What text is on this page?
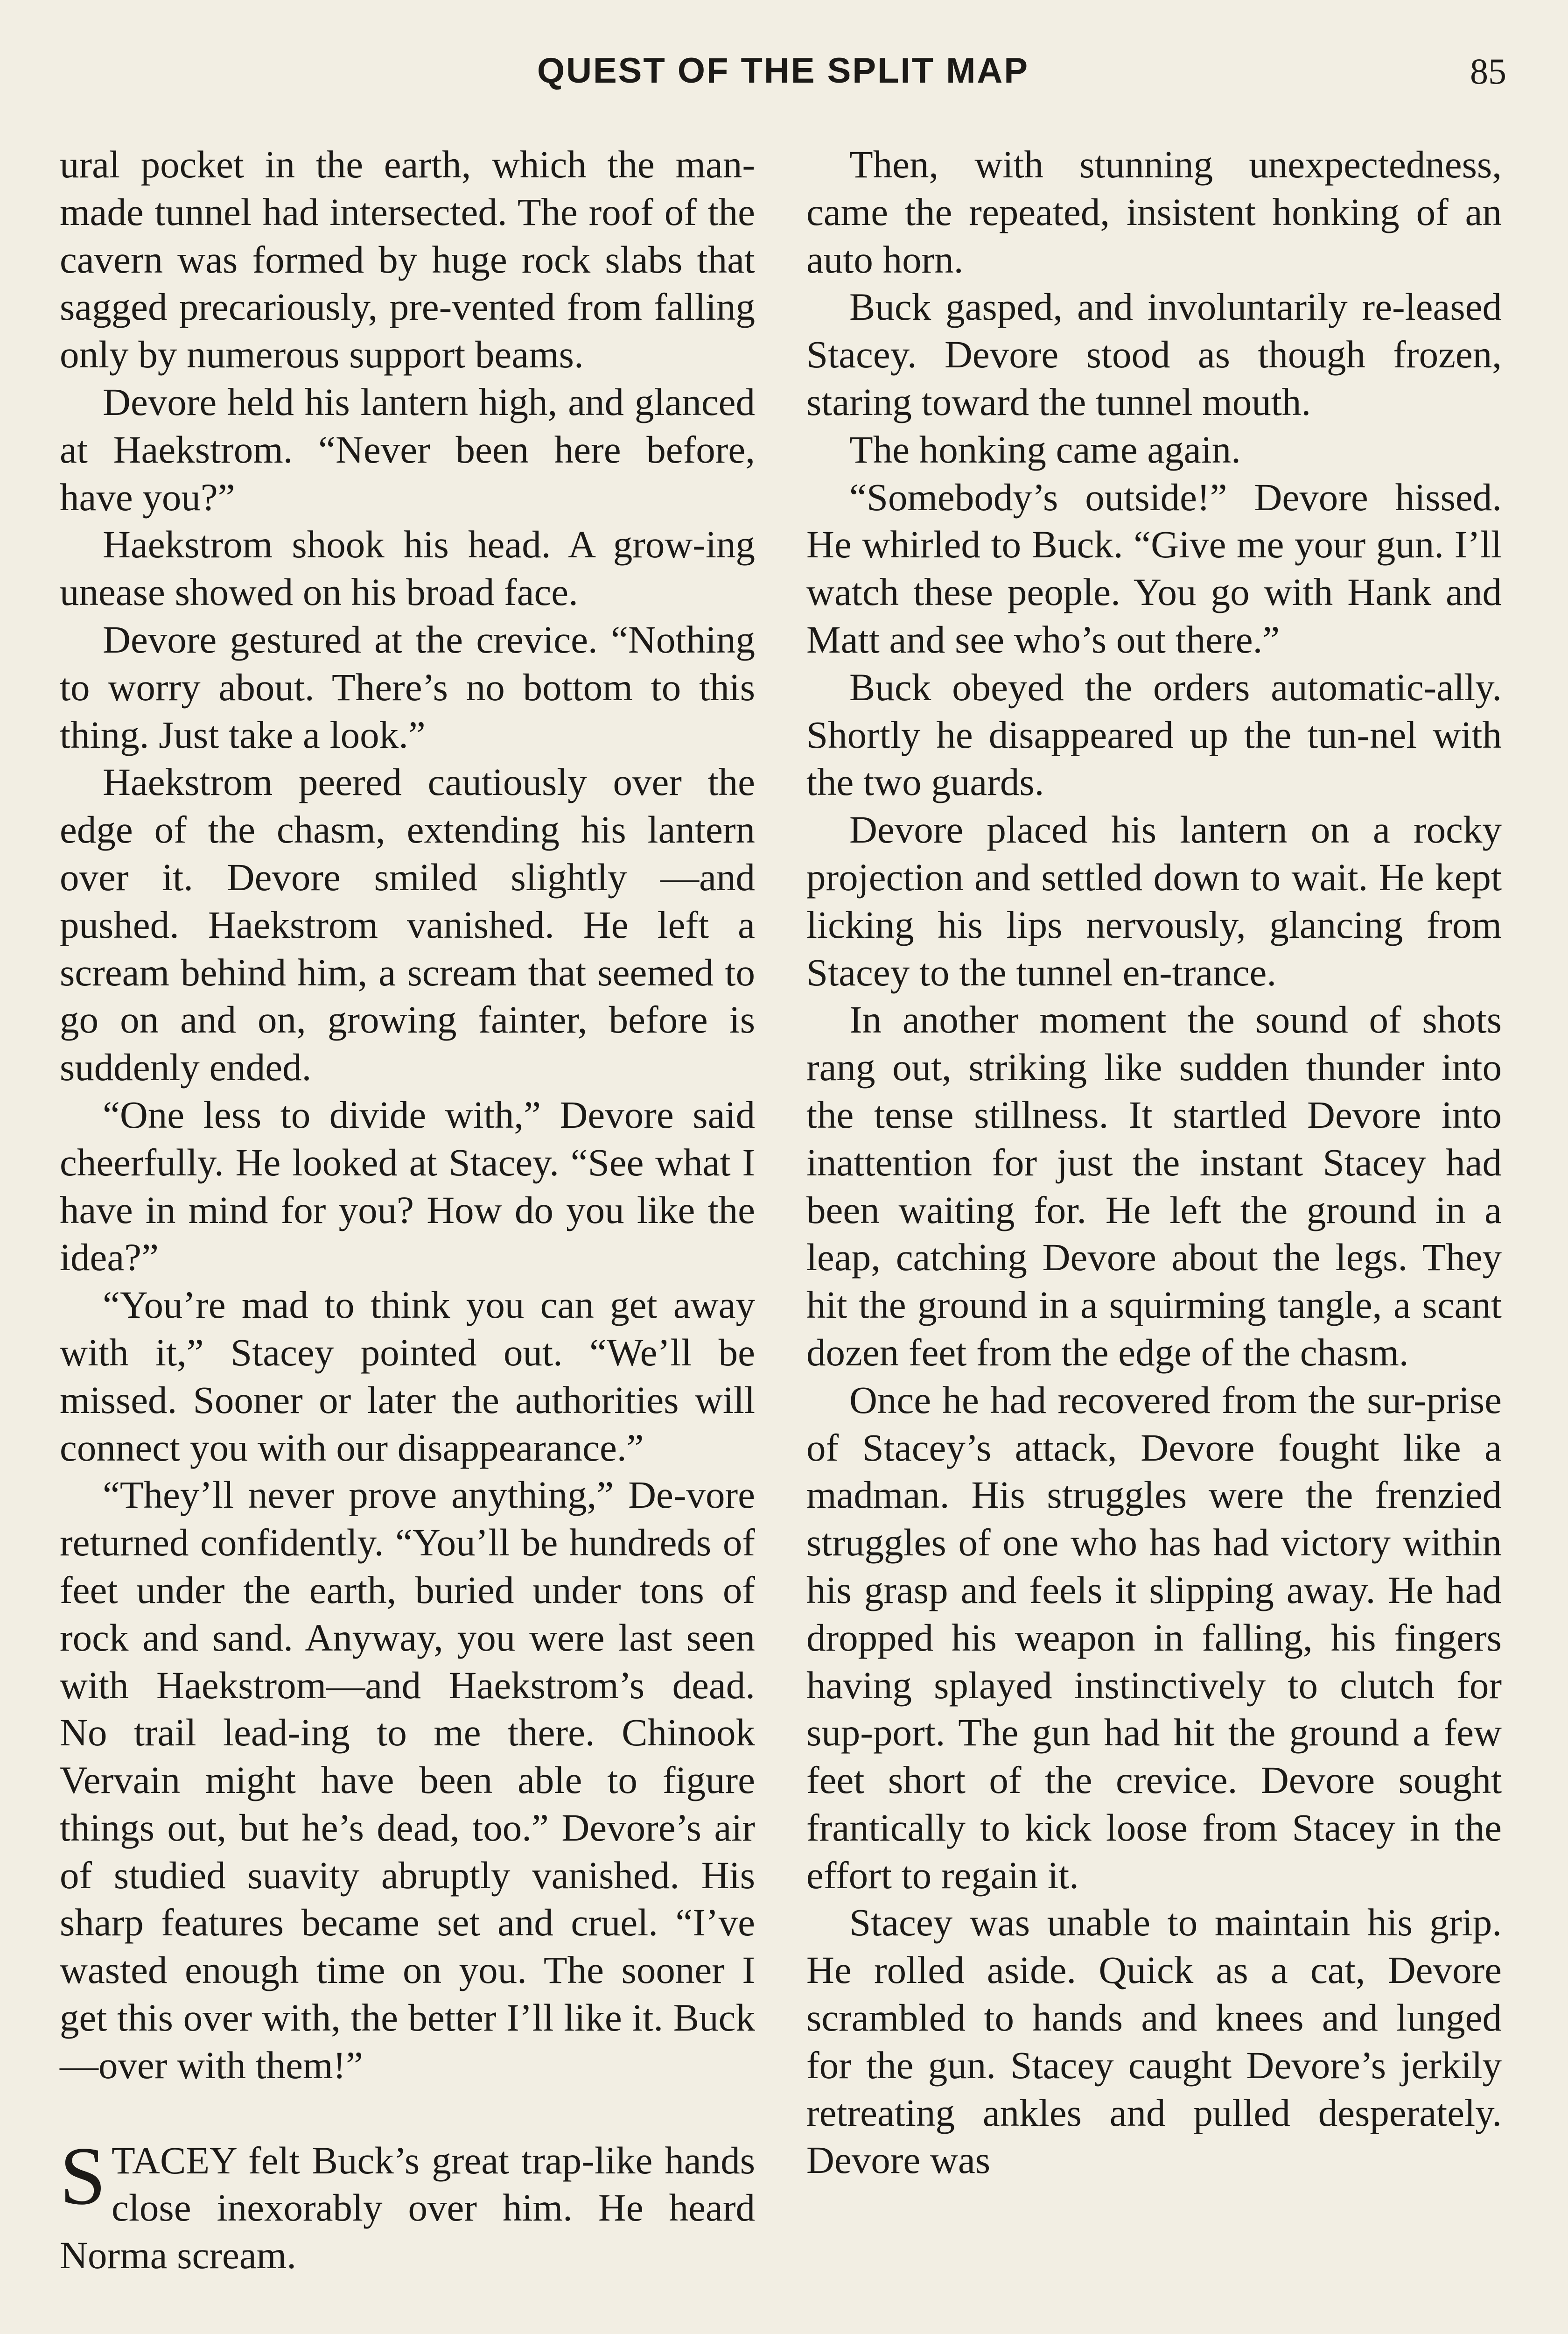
QUEST OF THE SPLIT MAP	85

ural pocket in the earth, which the man-made tunnel had intersected. The roof of the cavern was formed by huge rock slabs that sagged precariously, pre-vented from falling only by numerous support beams.

Devore held his lantern high, and glanced at Haekstrom. “Never been here before, have you?”

Haekstrom shook his head. A grow-ing unease showed on his broad face.

Devore gestured at the crevice. “Nothing to worry about. There’s no bottom to this thing. Just take a look.”

Haekstrom peered cautiously over the edge of the chasm, extending his lantern over it. Devore smiled slightly —and pushed. Haekstrom vanished. He left a scream behind him, a scream that seemed to go on and on, growing fainter, before is suddenly ended.

“One less to divide with,” Devore said cheerfully. He looked at Stacey. “See what I have in mind for you? How do you like the idea?”

“You’re mad to think you can get away with it,” Stacey pointed out. “We’ll be missed. Sooner or later the authorities will connect you with our disappearance.”

“They’ll never prove anything,” De-vore returned confidently. “You’ll be hundreds of feet under the earth, buried under tons of rock and sand. Anyway, you were last seen with Haekstrom—and Haekstrom’s dead. No trail lead-ing to me there. Chinook Vervain might have been able to figure things out, but he’s dead, too.” Devore’s air of studied suavity abruptly vanished. His sharp features became set and cruel. “I’ve wasted enough time on you. The sooner I get this over with, the better I’ll like it. Buck—over with them!”

STACEY felt Buck’s great trap-like hands close inexorably over him. He heard Norma scream.

Then, with stunning unexpectedness, came the repeated, insistent honking of an auto horn.

Buck gasped, and involuntarily re-leased Stacey. Devore stood as though frozen, staring toward the tunnel mouth.

The honking came again.

“Somebody’s outside!” Devore hissed. He whirled to Buck. “Give me your gun. I’ll watch these people. You go with Hank and Matt and see who’s out there.”

Buck obeyed the orders automatic-ally. Shortly he disappeared up the tun-nel with the two guards.

Devore placed his lantern on a rocky projection and settled down to wait. He kept licking his lips nervously, glancing from Stacey to the tunnel en-trance.

In another moment the sound of shots rang out, striking like sudden thunder into the tense stillness. It startled Devore into inattention for just the instant Stacey had been waiting for. He left the ground in a leap, catching Devore about the legs. They hit the ground in a squirming tangle, a scant dozen feet from the edge of the chasm.

Once he had recovered from the sur-prise of Stacey’s attack, Devore fought like a madman. His struggles were the frenzied struggles of one who has had victory within his grasp and feels it slipping away. He had dropped his weapon in falling, his fingers having splayed instinctively to clutch for sup-port. The gun had hit the ground a few feet short of the crevice. Devore sought frantically to kick loose from Stacey in the effort to regain it.

Stacey was unable to maintain his grip. He rolled aside. Quick as a cat, Devore scrambled to hands and knees and lunged for the gun. Stacey caught Devore’s jerkily retreating ankles and pulled desperately. Devore was
